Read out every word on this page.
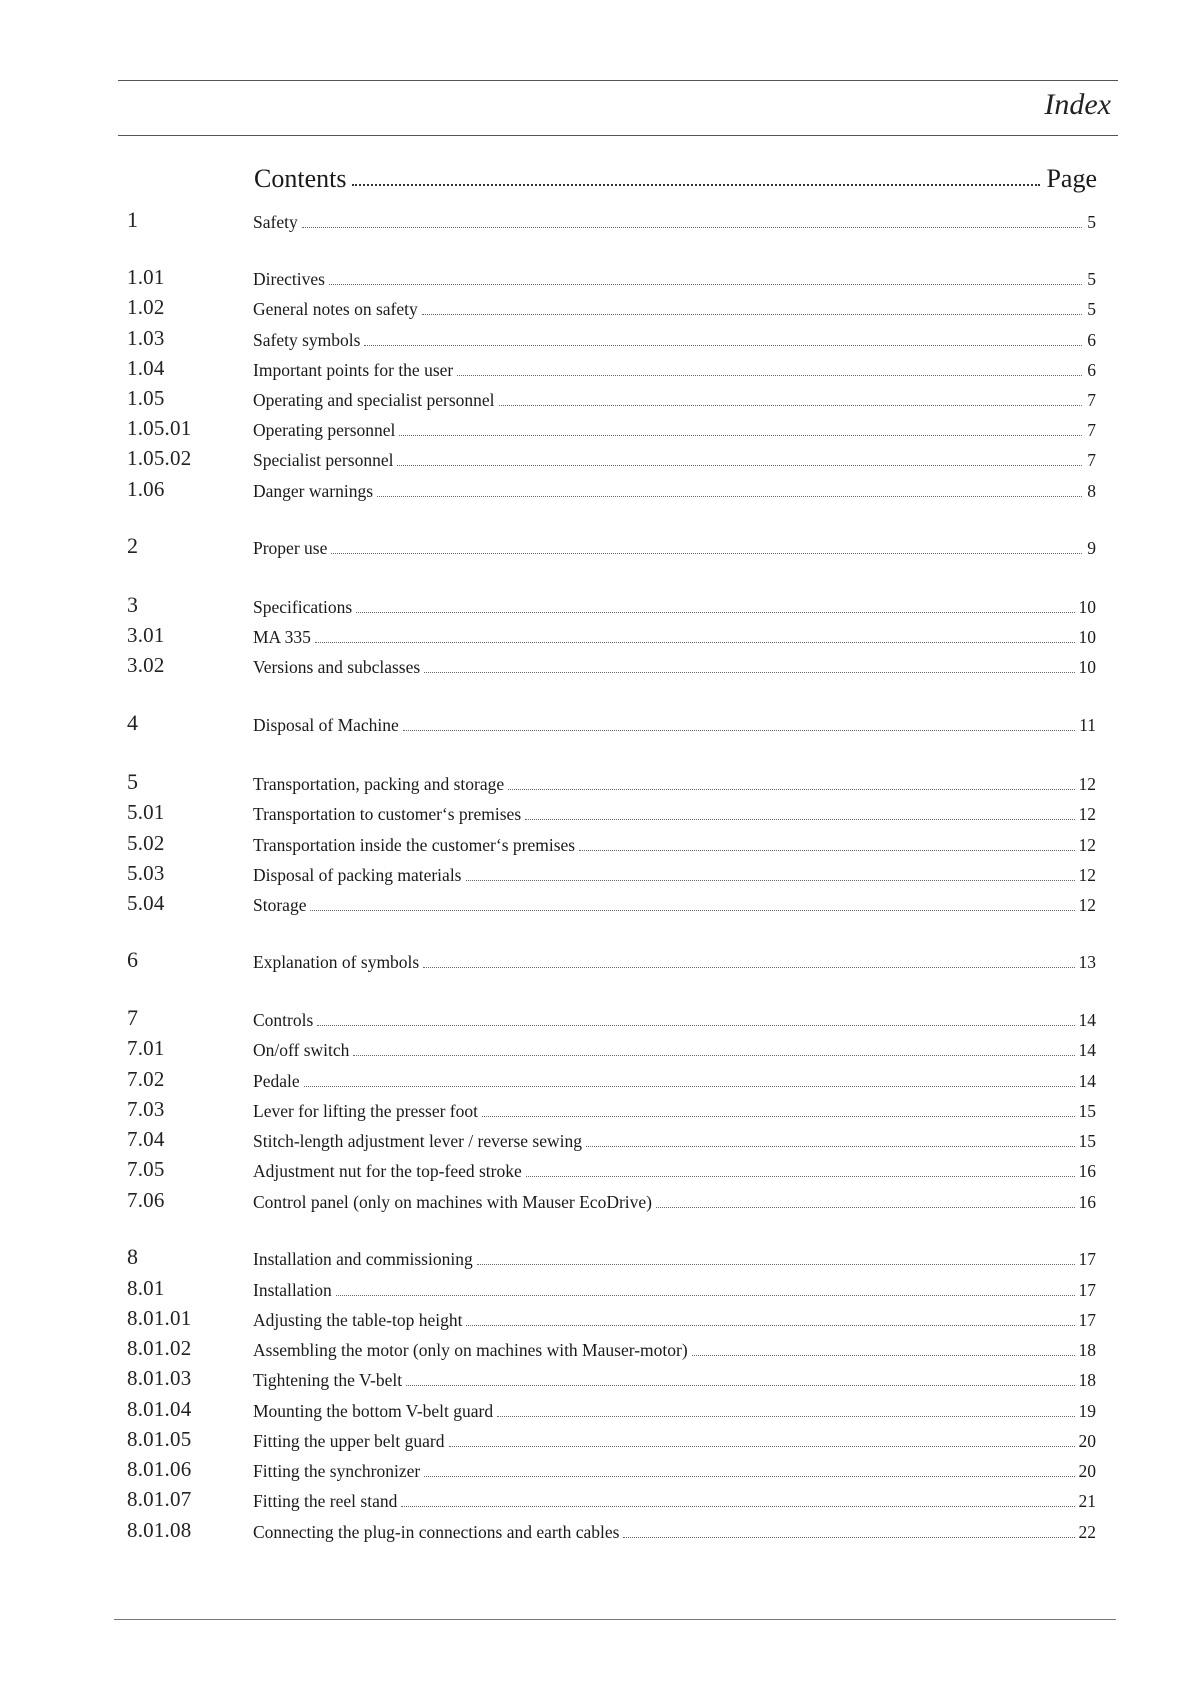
Index
Contents	Page
1	Safety	5
1.01	Directives	5
1.02	General notes on safety	5
1.03	Safety symbols	6
1.04	Important points for the user	6
1.05	Operating and specialist personnel	7
1.05.01	Operating personnel	7
1.05.02	Specialist personnel	7
1.06	Danger warnings	8
2	Proper use	9
3	Specifications	10
3.01	MA 335	10
3.02	Versions and subclasses	10
4	Disposal of Machine	11
5	Transportation, packing and storage	12
5.01	Transportation to customer‘s premises	12
5.02	Transportation inside the customer‘s premises	12
5.03	Disposal of packing materials	12
5.04	Storage	12
6	Explanation of symbols	13
7	Controls	14
7.01	On/off switch	14
7.02	Pedale	14
7.03	Lever for lifting the presser foot	15
7.04	Stitch-length adjustment lever / reverse sewing	15
7.05	Adjustment nut for the top-feed stroke	16
7.06	Control panel (only on machines with Mauser EcoDrive)	16
8	Installation and commissioning	17
8.01	Installation	17
8.01.01	Adjusting the table-top height	17
8.01.02	Assembling the motor (only on machines with Mauser-motor)	18
8.01.03	Tightening the V-belt	18
8.01.04	Mounting the bottom V-belt guard	19
8.01.05	Fitting the upper belt guard	20
8.01.06	Fitting the synchronizer	20
8.01.07	Fitting the reel stand	21
8.01.08	Connecting the plug-in connections and earth cables	22
